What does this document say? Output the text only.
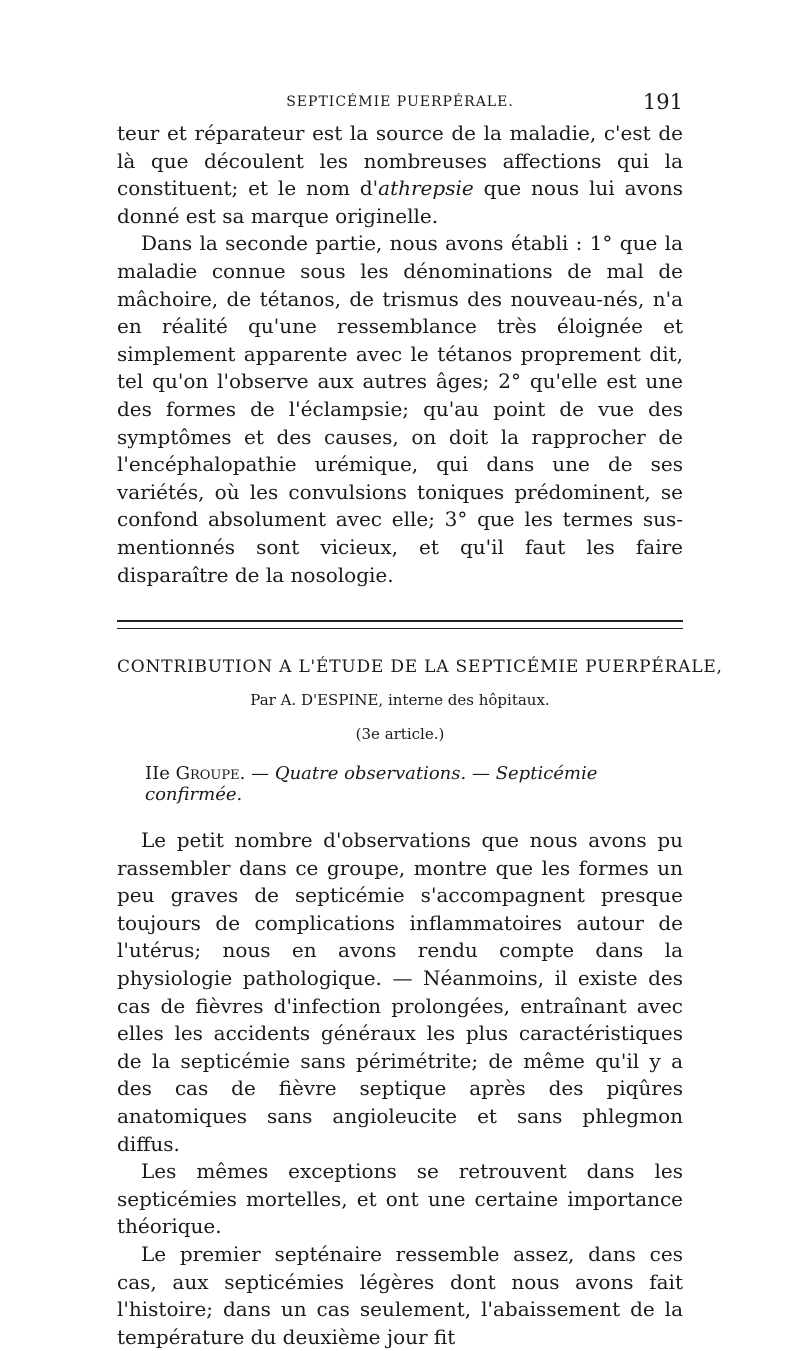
SEPTICÉMIE PUERPÉRALE.	191

teur et réparateur est la source de la maladie, c'est de là que découlent les nombreuses affections qui la constituent; et le nom d'athrepsie que nous lui avons donné est sa marque originelle.

Dans la seconde partie, nous avons établi : 1° que la maladie connue sous les dénominations de mal de mâchoire, de tétanos, de trismus des nouveau-nés, n'a en réalité qu'une ressemblance très éloignée et simplement apparente avec le tétanos proprement dit, tel qu'on l'observe aux autres âges; 2° qu'elle est une des formes de l'éclampsie; qu'au point de vue des symptômes et des causes, on doit la rapprocher de l'encéphalopathie urémique, qui dans une de ses variétés, où les convulsions toniques prédominent, se confond absolument avec elle; 3° que les termes sus-mentionnés sont vicieux, et qu'il faut les faire disparaître de la nosologie.

CONTRIBUTION A L'ÉTUDE DE LA SEPTICÉMIE PUERPÉRALE,
Par A. D'ESPINE, interne des hôpitaux.
(3e article.)
IIe Groupe. — Quatre observations. — Septicémie confirmée.

Le petit nombre d'observations que nous avons pu rassembler dans ce groupe, montre que les formes un peu graves de septicémie s'accompagnent presque toujours de complications inflammatoires autour de l'utérus; nous en avons rendu compte dans la physiologie pathologique. — Néanmoins, il existe des cas de fièvres d'infection prolongées, entraînant avec elles les accidents généraux les plus caractéristiques de la septicémie sans périmétrite; de même qu'il y a des cas de fièvre septique après des piqûres anatomiques sans angioleucite et sans phlegmon diffus.

Les mêmes exceptions se retrouvent dans les septicémies mortelles, et ont une certaine importance théorique.

Le premier septénaire ressemble assez, dans ces cas, aux septicémies légères dont nous avons fait l'histoire; dans un cas seulement, l'abaissement de la température du deuxième jour fit
